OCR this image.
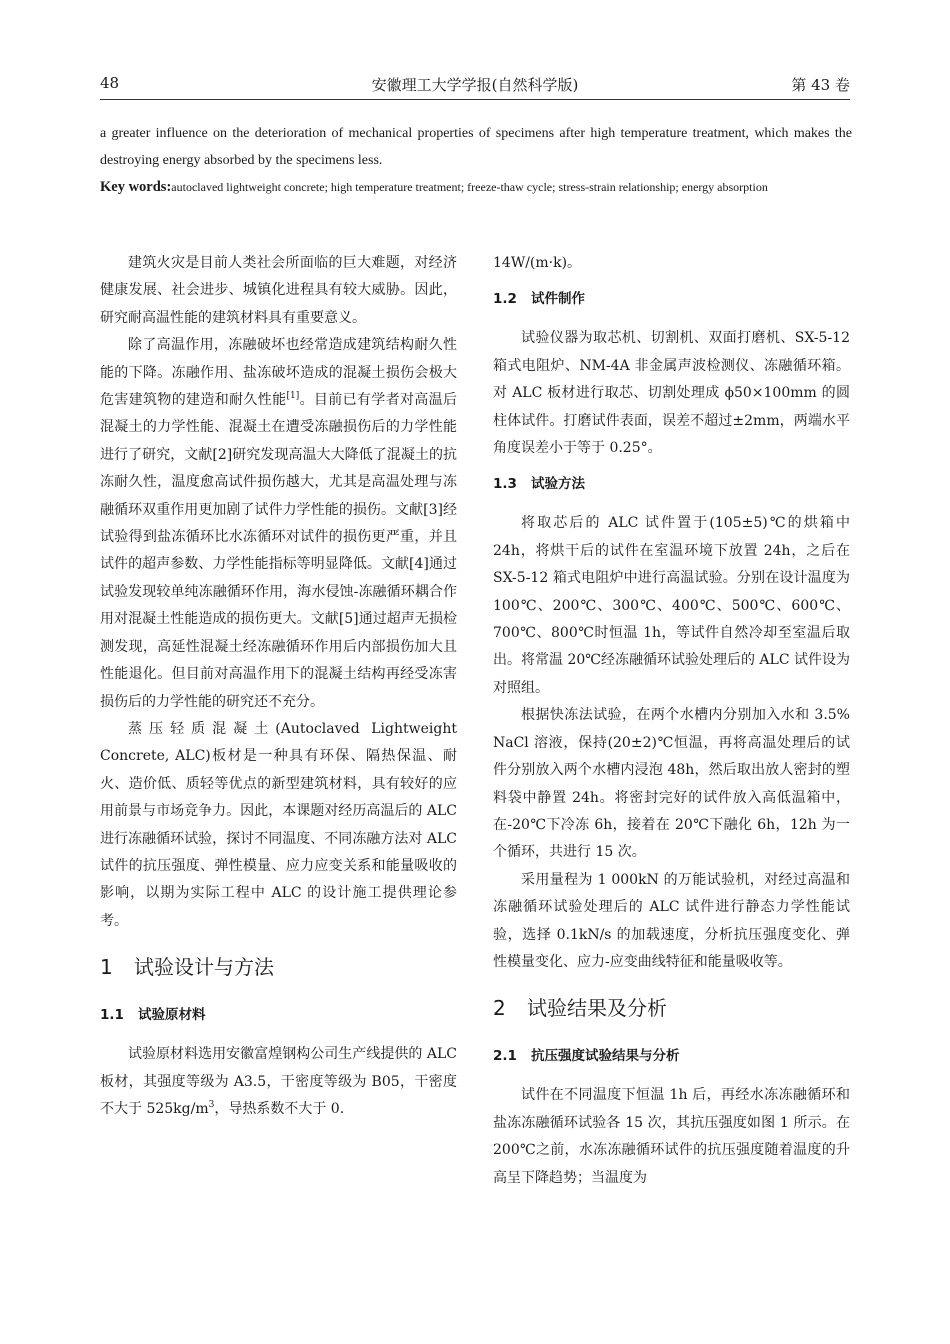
48	安徽理工大学学报(自然科学版)	第 43 卷
a greater influence on the deterioration of mechanical properties of specimens after high temperature treatment, which makes the destroying energy absorbed by the specimens less.
Key words:autoclaved lightweight concrete; high temperature treatment; freeze-thaw cycle; stress-strain relationship; energy absorption

建筑火灾是目前人类社会所面临的巨大难题，对经济健康发展、社会进步、城镇化进程具有较大威胁。因此，研究耐高温性能的建筑材料具有重要意义。

除了高温作用，冻融破坏也经常造成建筑结构耐久性能的下降。冻融作用、盐冻破坏造成的混凝土损伤会极大危害建筑物的建造和耐久性能[1]。目前已有学者对高温后混凝土的力学性能、混凝土在遭受冻融损伤后的力学性能进行了研究，文献[2]研究发现高温大大降低了混凝土的抗冻耐久性，温度愈高试件损伤越大，尤其是高温处理与冻融循环双重作用更加剧了试件力学性能的损伤。文献[3]经试验得到盐冻循环比水冻循环对试件的损伤更严重，并且试件的超声参数、力学性能指标等明显降低。文献[4]通过试验发现较单纯冻融循环作用，海水侵蚀-冻融循环耦合作用对混凝土性能造成的损伤更大。文献[5]通过超声无损检测发现，高延性混凝土经冻融循环作用后内部损伤加大且性能退化。但目前对高温作用下的混凝土结构再经受冻害损伤后的力学性能的研究还不充分。

蒸压轻质混凝土(Autoclaved Lightweight Concrete, ALC)板材是一种具有环保、隔热保温、耐火、造价低、质轻等优点的新型建筑材料，具有较好的应用前景与市场竞争力。因此，本课题对经历高温后的 ALC 进行冻融循环试验，探讨不同温度、不同冻融方法对 ALC 试件的抗压强度、弹性模量、应力应变关系和能量吸收的影响，以期为实际工程中 ALC 的设计施工提供理论参考。

1 试验设计与方法
1.1 试验原材料

试验原材料选用安徽富煌钢构公司生产线提供的 ALC 板材，其强度等级为 A3.5，干密度等级为 B05，干密度不大于 $525kg/m^3$，导热系数不大于 0.

14W/(m·k)。

1.2 试件制作

试验仪器为取芯机、切割机、双面打磨机、SX-5-12 箱式电阻炉、NM-4A 非金属声波检测仪、冻融循环箱。对 ALC 板材进行取芯、切割处理成 ϕ50×100mm 的圆柱体试件。打磨试件表面，误差不超过±2mm，两端水平角度误差小于等于 0.25°。

1.3 试验方法

将取芯后的 ALC 试件置于(105±5)℃的烘箱中 24h，将烘干后的试件在室温环境下放置 24h，之后在 SX-5-12 箱式电阻炉中进行高温试验。分别在设计温度为 100℃、200℃、300℃、400℃、500℃、600℃、700℃、800℃时恒温 1h，等试件自然冷却至室温后取出。将常温 20℃经冻融循环试验处理后的 ALC 试件设为对照组。

根据快冻法试验，在两个水槽内分别加入水和 3.5% NaCl 溶液，保持(20±2)℃恒温，再将高温处理后的试件分别放入两个水槽内浸泡 48h，然后取出放人密封的塑料袋中静置 24h。将密封完好的试件放入高低温箱中，在-20℃下冷冻 6h，接着在 20℃下融化 6h，12h 为一个循环，共进行 15 次。

采用量程为 1 000kN 的万能试验机，对经过高温和冻融循环试验处理后的 ALC 试件进行静态力学性能试验，选择 0.1kN/s 的加载速度，分析抗压强度变化、弹性模量变化、应力-应变曲线特征和能量吸收等。

2 试验结果及分析
2.1 抗压强度试验结果与分析

试件在不同温度下恒温 1h 后，再经水冻冻融循环和盐冻冻融循环试验各 15 次，其抗压强度如图 1 所示。在 200℃之前，水冻冻融循环试件的抗压强度随着温度的升高呈下降趋势；当温度为
